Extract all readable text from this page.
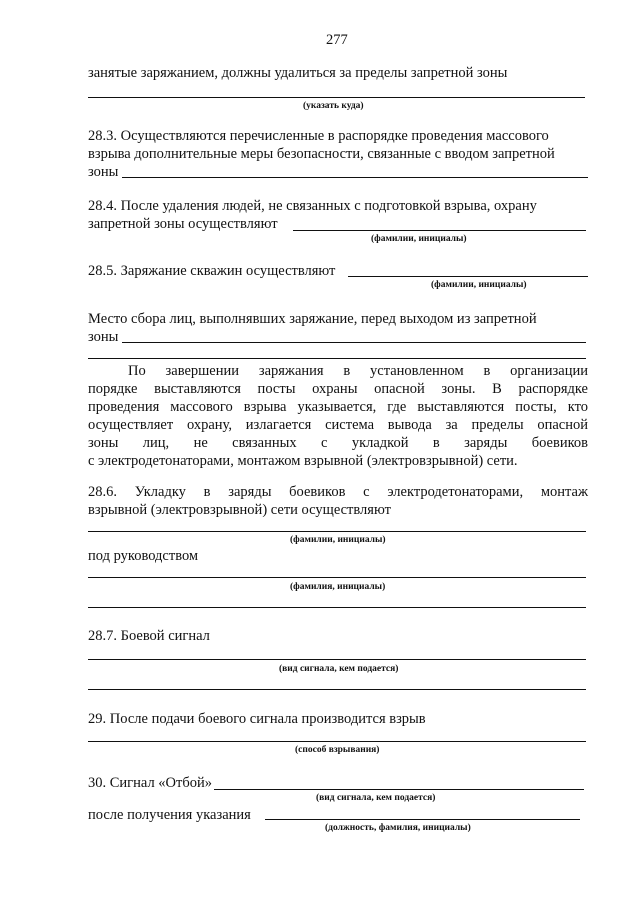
277
занятые заряжанием, должны удалиться за пределы запретной зоны
(указать куда)
28.3. Осуществляются перечисленные в распорядке проведения массового
взрыва дополнительные меры безопасности, связанные с вводом запретной
зоны
28.4. После удаления людей, не связанных с подготовкой взрыва, охрану
запретной зоны осуществляют
(фамилии, инициалы)
28.5. Заряжание скважин осуществляют
(фамилии, инициалы)
Место сбора лиц, выполнявших заряжание, перед выходом из запретной
зоны
По завершении заряжания в установленном в организации
порядке выставляются посты охраны опасной зоны. В распорядке
проведения массового взрыва указывается, где выставляются посты, кто
осуществляет охрану, излагается система вывода за пределы опасной
зоны лиц, не связанных с укладкой в заряды боевиков
с электродетонаторами, монтажом взрывной (электровзрывной) сети.
28.6. Укладку в заряды боевиков с электродетонаторами, монтаж
взрывной (электровзрывной) сети осуществляют
(фамилии, инициалы)
под руководством
(фамилия, инициалы)
28.7. Боевой сигнал
(вид сигнала, кем подается)
29. После подачи боевого сигнала производится взрыв
(способ взрывания)
30. Сигнал «Отбой»
(вид сигнала, кем подается)
после получения указания
(должность, фамилия, инициалы)
